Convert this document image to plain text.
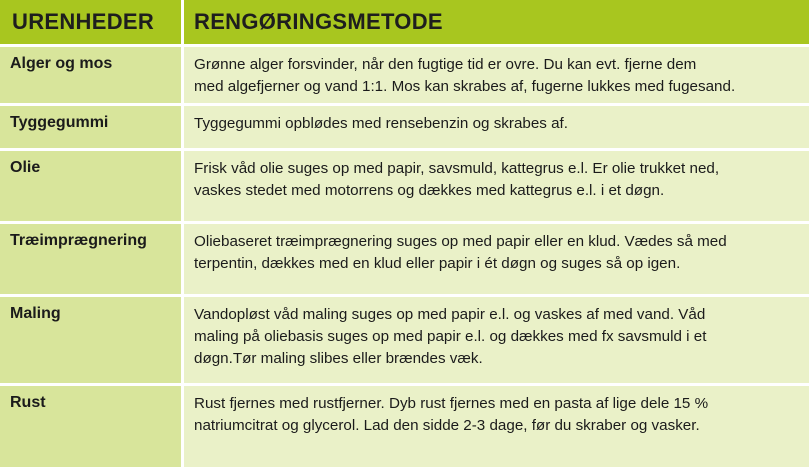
URENHEDER	RENGØRINGSMETODE
Alger og mos	Grønne alger forsvinder, når den fugtige tid er ovre. Du kan evt. fjerne dem
med algefjerner og vand 1:1. Mos kan skrabes af, fugerne lukkes med fugesand.
Tyggegummi	Tyggegummi opblødes med rensebenzin og skrabes af.
Olie	Frisk våd olie suges op med papir, savsmuld, kattegrus e.l. Er olie trukket ned,
vaskes stedet med motorrens og dækkes med kattegrus e.l. i et døgn.
Træimprægnering	Oliebaseret træimprægnering suges op med papir eller en klud. Vædes så med
terpentin, dækkes med en klud eller papir i ét døgn og suges så op igen.
Maling	Vandopløst våd maling suges op med papir e.l. og vaskes af med vand. Våd
maling på oliebasis suges op med papir e.l. og dækkes med fx savsmuld i et
døgn.Tør maling slibes eller brændes væk.
Rust	Rust fjernes med rustfjerner. Dyb rust fjernes med en pasta af lige dele 15 %
natriumcitrat og glycerol. Lad den sidde 2-3 dage, før du skraber og vasker.
